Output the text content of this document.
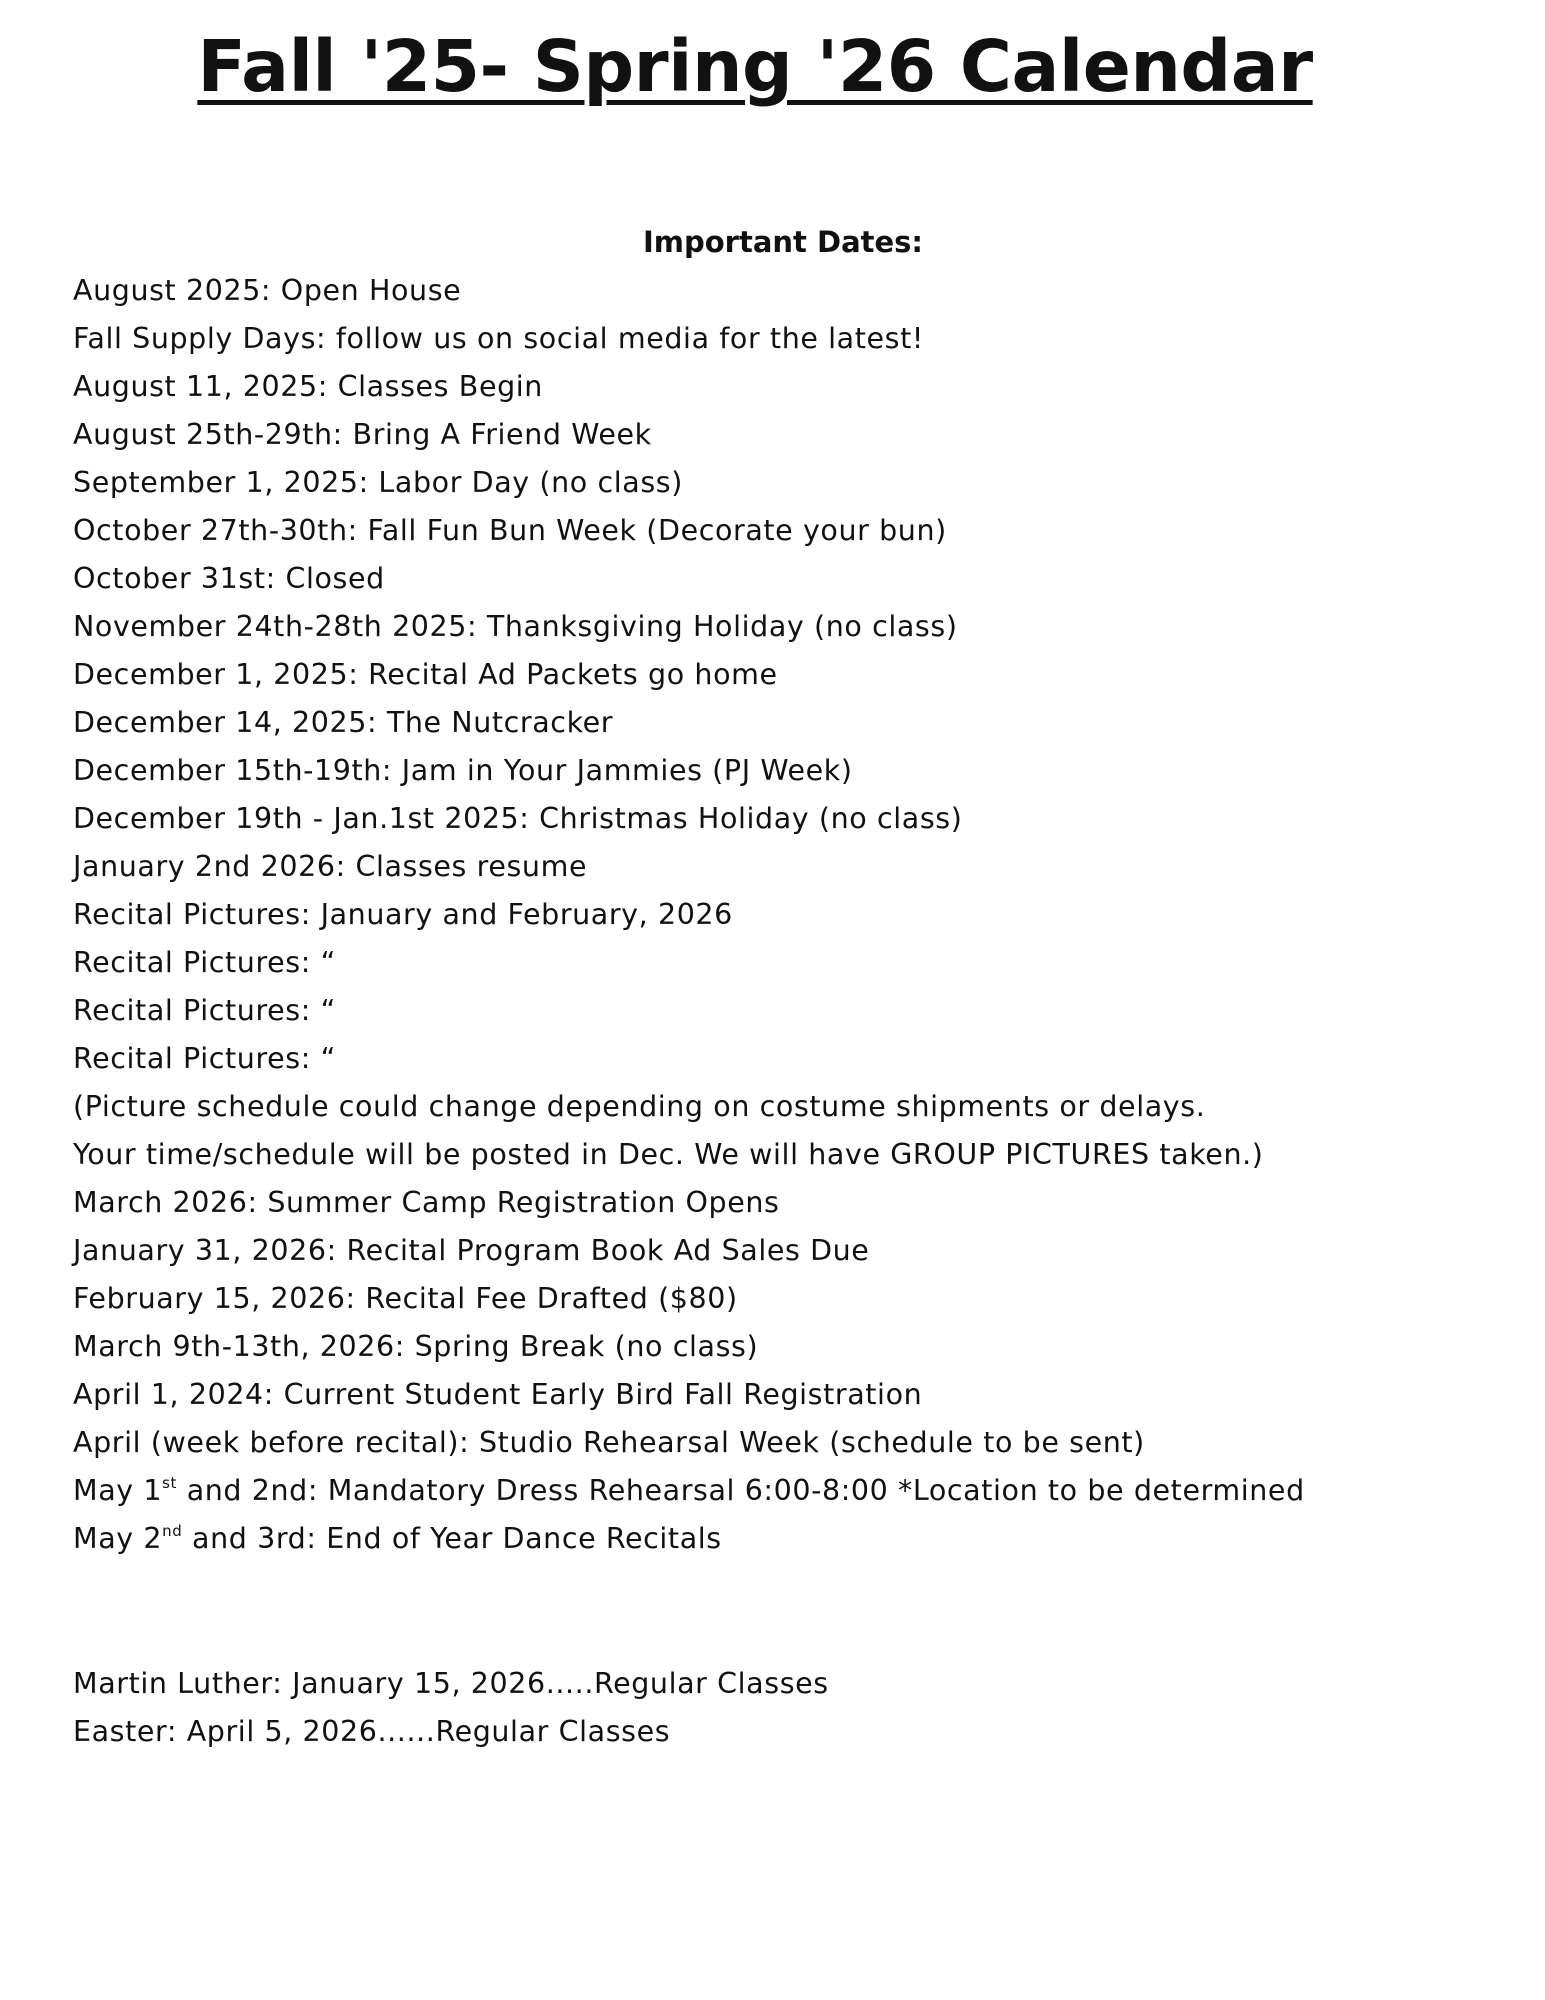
Fall '25- Spring '26 Calendar
Important Dates:
August 2025: Open House
Fall Supply Days: follow us on social media for the latest!
August 11, 2025: Classes Begin
August 25th-29th: Bring A Friend Week
September 1, 2025: Labor Day (no class)
October 27th-30th: Fall Fun Bun Week (Decorate your bun)
October 31st: Closed
November 24th-28th 2025: Thanksgiving Holiday (no class)
December 1, 2025: Recital Ad Packets go home
December 14, 2025: The Nutcracker
December 15th-19th: Jam in Your Jammies (PJ Week)
December 19th - Jan.1st 2025: Christmas Holiday (no class)
January 2nd 2026: Classes resume
Recital Pictures: January and February, 2026
Recital Pictures: “
Recital Pictures: “
Recital Pictures: “
(Picture schedule could change depending on costume shipments or delays.
Your time/schedule will be posted in Dec. We will have GROUP PICTURES taken.)
March 2026: Summer Camp Registration Opens
January 31, 2026: Recital Program Book Ad Sales Due
February 15, 2026: Recital Fee Drafted ($80)
March 9th-13th, 2026: Spring Break (no class)
April 1, 2024: Current Student Early Bird Fall Registration
April (week before recital): Studio Rehearsal Week (schedule to be sent)
May 1st and 2nd: Mandatory Dress Rehearsal 6:00-8:00 *Location to be determined
May 2nd and 3rd: End of Year Dance Recitals
Martin Luther: January 15, 2026.....Regular Classes
Easter: April 5, 2026......Regular Classes
